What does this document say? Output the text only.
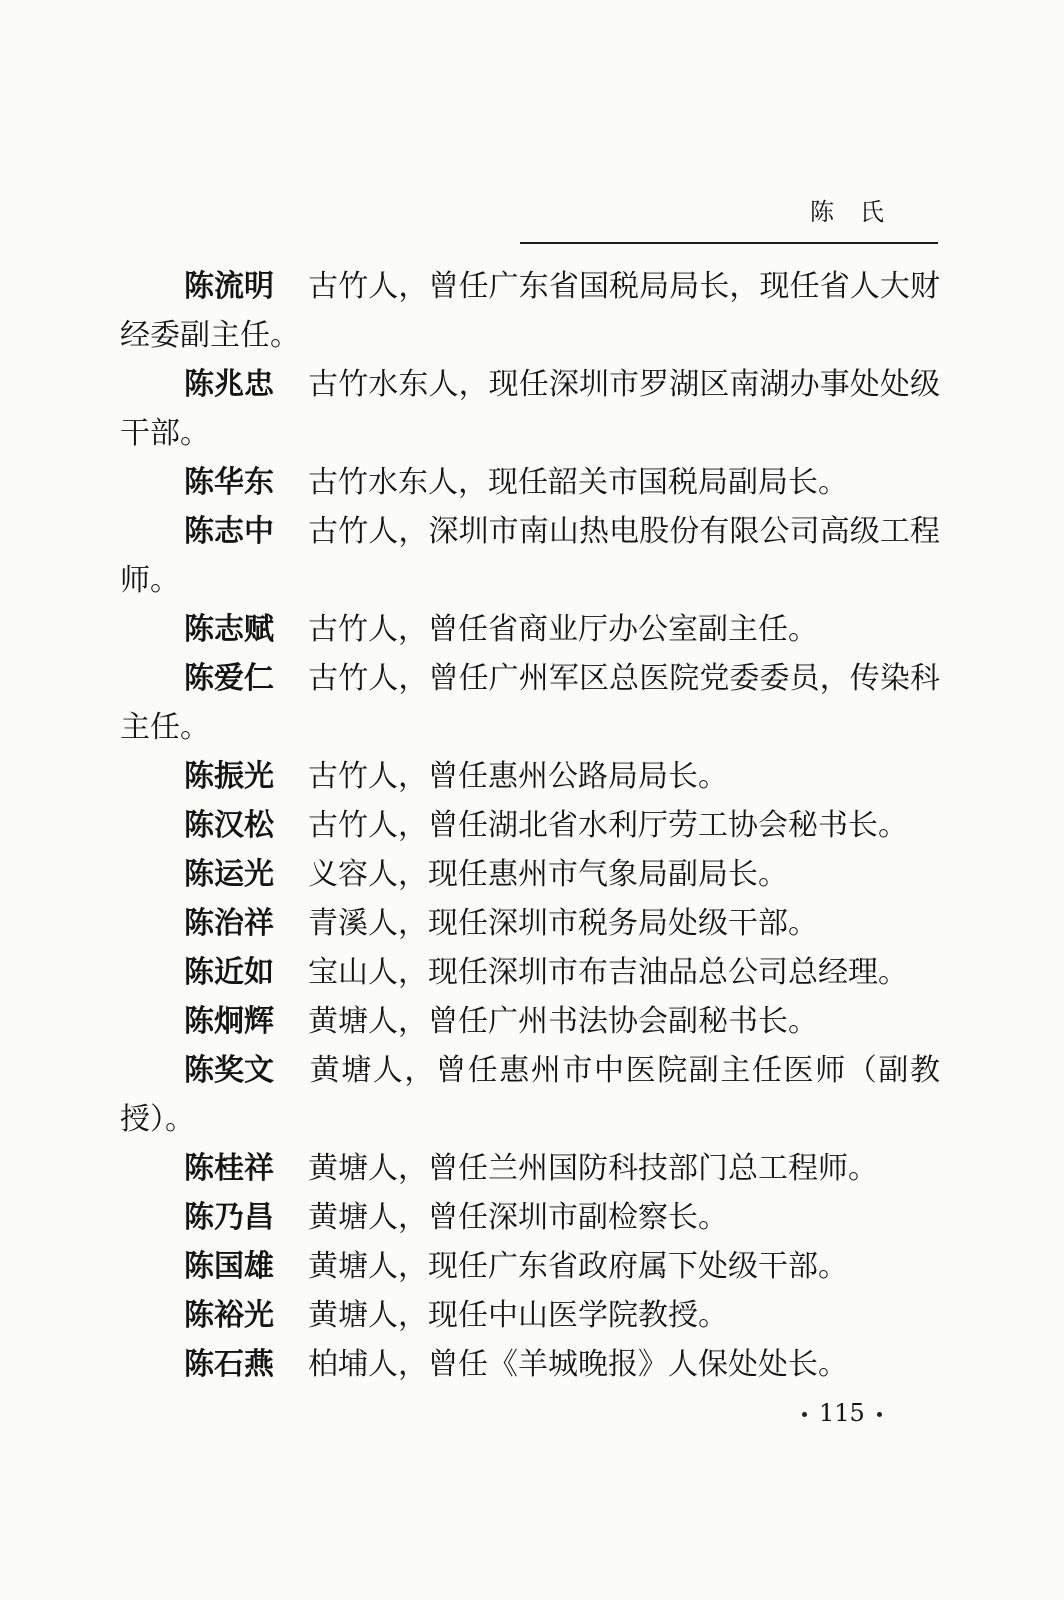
陈氏

陈流明 古竹人，曾任广东省国税局局长，现任省人大财经委副主任。

陈兆忠 古竹水东人，现任深圳市罗湖区南湖办事处处级干部。

陈华东 古竹水东人，现任韶关市国税局副局长。

陈志中 古竹人，深圳市南山热电股份有限公司高级工程师。

陈志赋 古竹人，曾任省商业厅办公室副主任。

陈爱仁 古竹人，曾任广州军区总医院党委委员，传染科主任。

陈振光 古竹人，曾任惠州公路局局长。

陈汉松 古竹人，曾任湖北省水利厅劳工协会秘书长。

陈运光 义容人，现任惠州市气象局副局长。

陈治祥 青溪人，现任深圳市税务局处级干部。

陈近如 宝山人，现任深圳市布吉油品总公司总经理。

陈炯辉 黄塘人，曾任广州书法协会副秘书长。

陈奖文 黄塘人，曾任惠州市中医院副主任医师（副教授）。

陈桂祥 黄塘人，曾任兰州国防科技部门总工程师。

陈乃昌 黄塘人，曾任深圳市副检察长。

陈国雄 黄塘人，现任广东省政府属下处级干部。

陈裕光 黄塘人，现任中山医学院教授。

陈石燕 柏埔人，曾任《羊城晚报》人保处处长。

115
